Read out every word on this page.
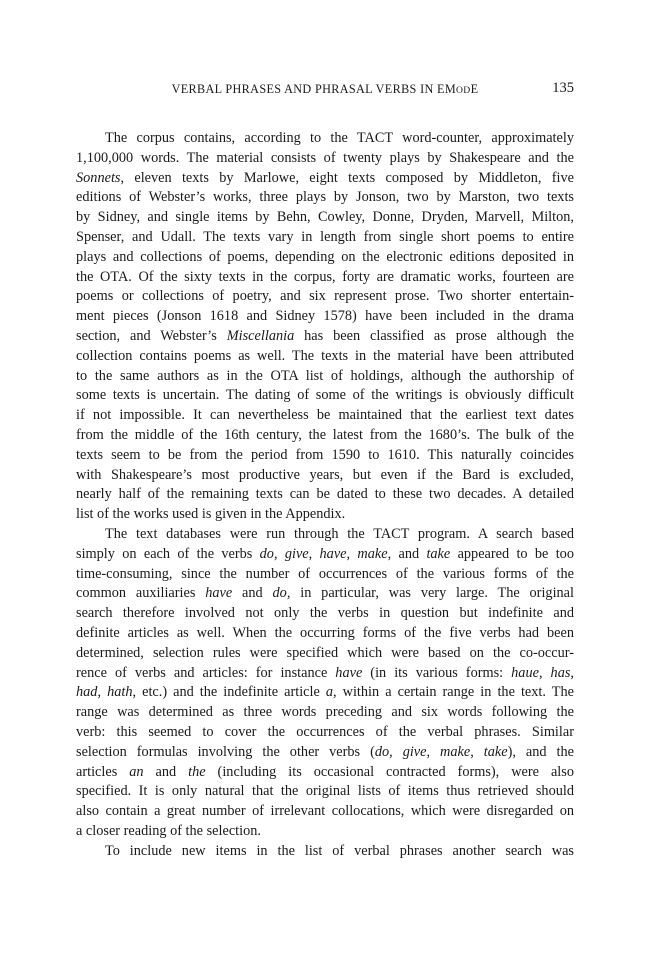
VERBAL PHRASES AND PHRASAL VERBS IN EMODE	135
The corpus contains, according to the TACT word-counter, approximately
1,100,000 words. The material consists of twenty plays by Shakespeare and the
Sonnets, eleven texts by Marlowe, eight texts composed by Middleton, five
editions of Webster’s works, three plays by Jonson, two by Marston, two texts
by Sidney, and single items by Behn, Cowley, Donne, Dryden, Marvell, Milton,
Spenser, and Udall. The texts vary in length from single short poems to entire
plays and collections of poems, depending on the electronic editions deposited in
the OTA. Of the sixty texts in the corpus, forty are dramatic works, fourteen are
poems or collections of poetry, and six represent prose. Two shorter entertain-
ment pieces (Jonson 1618 and Sidney 1578) have been included in the drama
section, and Webster’s Miscellania has been classified as prose although the
collection contains poems as well. The texts in the material have been attributed
to the same authors as in the OTA list of holdings, although the authorship of
some texts is uncertain. The dating of some of the writings is obviously difficult
if not impossible. It can nevertheless be maintained that the earliest text dates
from the middle of the 16th century, the latest from the 1680’s. The bulk of the
texts seem to be from the period from 1590 to 1610. This naturally coincides
with Shakespeare’s most productive years, but even if the Bard is excluded,
nearly half of the remaining texts can be dated to these two decades. A detailed
list of the works used is given in the Appendix.
The text databases were run through the TACT program. A search based
simply on each of the verbs do, give, have, make, and take appeared to be too
time-consuming, since the number of occurrences of the various forms of the
common auxiliaries have and do, in particular, was very large. The original
search therefore involved not only the verbs in question but indefinite and
definite articles as well. When the occurring forms of the five verbs had been
determined, selection rules were specified which were based on the co-occur-
rence of verbs and articles: for instance have (in its various forms: haue, has,
had, hath, etc.) and the indefinite article a, within a certain range in the text. The
range was determined as three words preceding and six words following the
verb: this seemed to cover the occurrences of the verbal phrases. Similar
selection formulas involving the other verbs (do, give, make, take), and the
articles an and the (including its occasional contracted forms), were also
specified. It is only natural that the original lists of items thus retrieved should
also contain a great number of irrelevant collocations, which were disregarded on
a closer reading of the selection.
To include new items in the list of verbal phrases another search was
